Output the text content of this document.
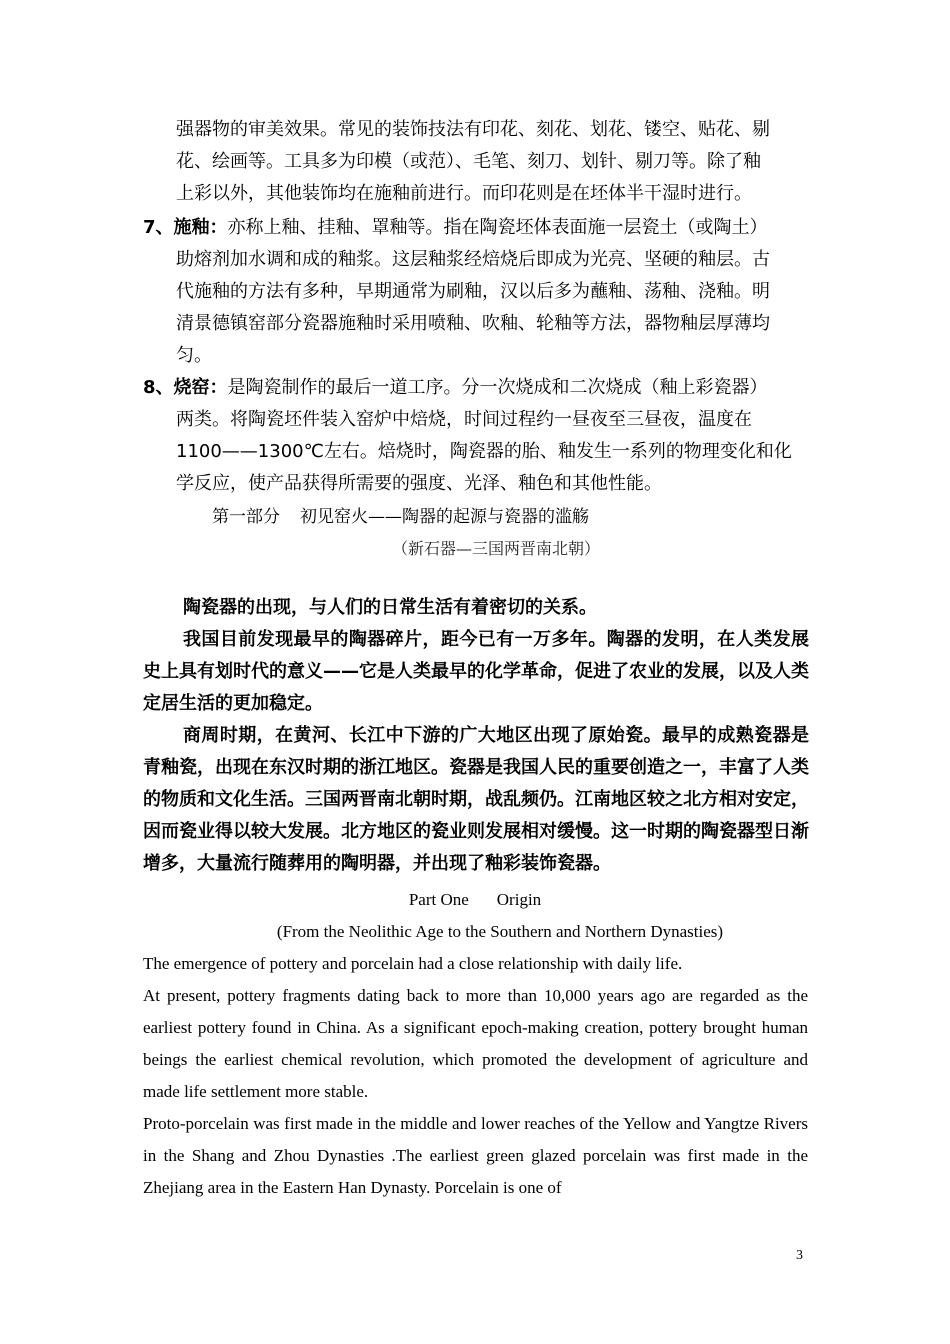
强器物的审美效果。常见的装饰技法有印花、刻花、划花、镂空、贴花、剔
花、绘画等。工具多为印模（或范）、毛笔、刻刀、划针、剔刀等。除了釉
上彩以外，其他装饰均在施釉前进行。而印花则是在坯体半干湿时进行。
7、施釉：亦称上釉、挂釉、罩釉等。指在陶瓷坯体表面施一层瓷土（或陶土）
助熔剂加水调和成的釉浆。这层釉浆经焙烧后即成为光亮、坚硬的釉层。古
代施釉的方法有多种，早期通常为刷釉，汉以后多为蘸釉、荡釉、浇釉。明
清景德镇窑部分瓷器施釉时采用喷釉、吹釉、轮釉等方法，器物釉层厚薄均
匀。
8、烧窑：是陶瓷制作的最后一道工序。分一次烧成和二次烧成（釉上彩瓷器）
两类。将陶瓷坯件装入窑炉中焙烧，时间过程约一昼夜至三昼夜，温度在
1100——1300℃左右。焙烧时，陶瓷器的胎、釉发生一系列的物理变化和化
学反应，使产品获得所需要的强度、光泽、釉色和其他性能。
第一部分 初见窑火——陶器的起源与瓷器的滥觞
（新石器—三国两晋南北朝）

陶瓷器的出现，与人们的日常生活有着密切的关系。

我国目前发现最早的陶器碎片，距今已有一万多年。陶器的发明，在人类发展史上具有划时代的意义——它是人类最早的化学革命，促进了农业的发展，以及人类定居生活的更加稳定。

商周时期，在黄河、长江中下游的广大地区出现了原始瓷。最早的成熟瓷器是青釉瓷，出现在东汉时期的浙江地区。瓷器是我国人民的重要创造之一，丰富了人类的物质和文化生活。三国两晋南北朝时期，战乱频仍。江南地区较之北方相对安定，因而瓷业得以较大发展。北方地区的瓷业则发展相对缓慢。这一时期的陶瓷器型日渐增多，大量流行随葬用的陶明器，并出现了釉彩装饰瓷器。

Part One Origin
(From the Neolithic Age to the Southern and Northern Dynasties)

The emergence of pottery and porcelain had a close relationship with daily life.

At present, pottery fragments dating back to more than 10,000 years ago are regarded as the earliest pottery found in China. As a significant epoch-making creation, pottery brought human beings the earliest chemical revolution, which promoted the development of agriculture and made life settlement more stable.

Proto-porcelain was first made in the middle and lower reaches of the Yellow and Yangtze Rivers in the Shang and Zhou Dynasties .The earliest green glazed porcelain was first made in the Zhejiang area in the Eastern Han Dynasty. Porcelain is one of

3
